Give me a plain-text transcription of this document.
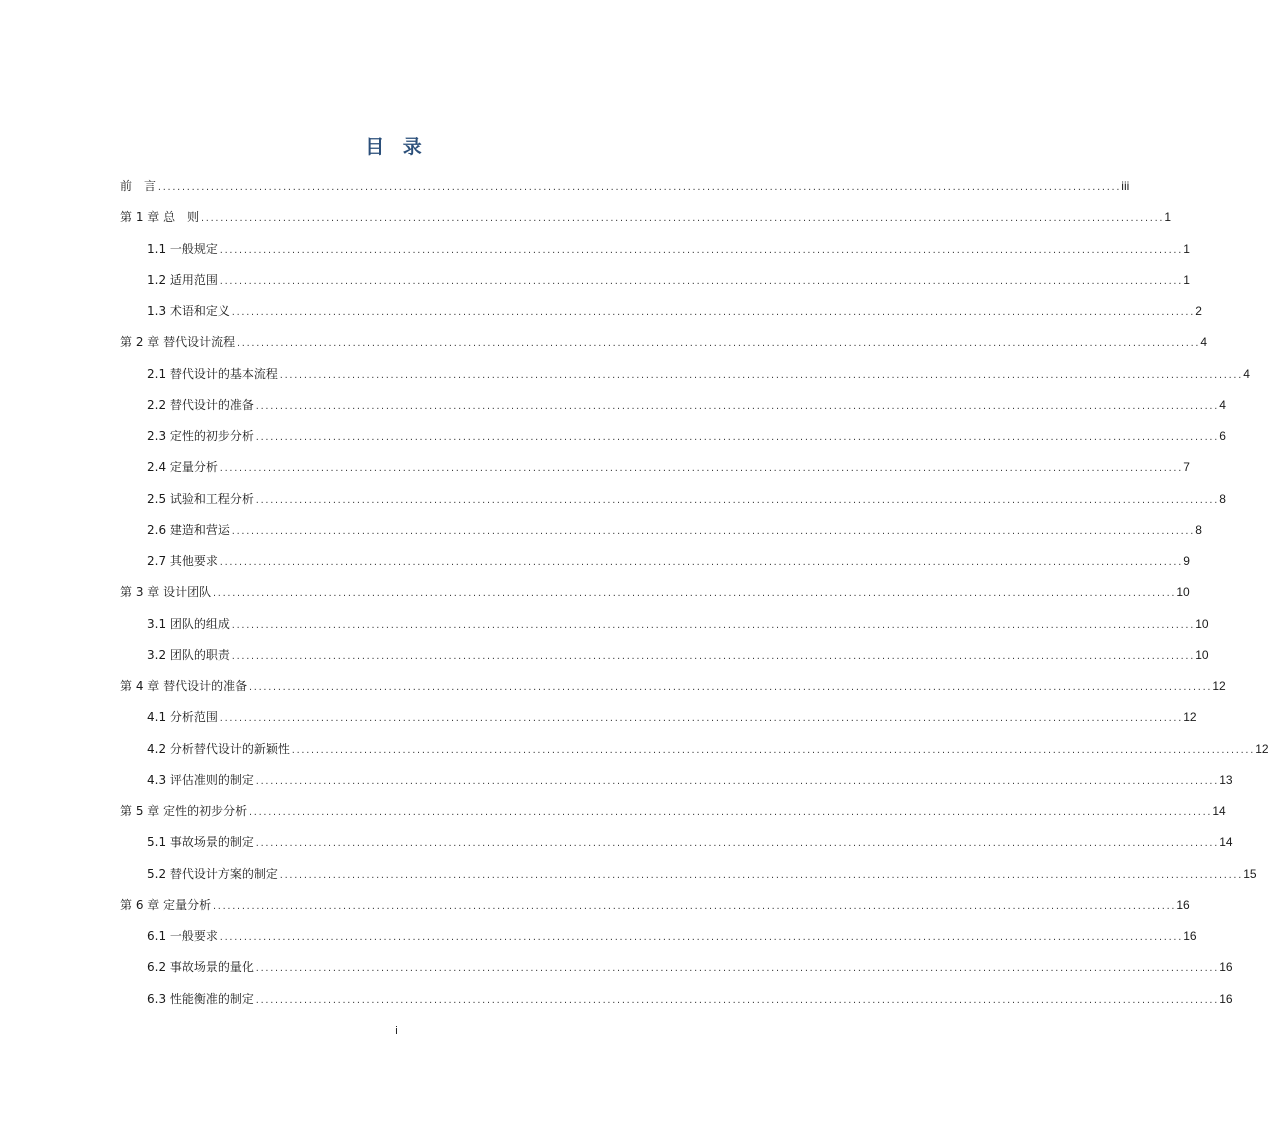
目 录
前　言 ........................................................................................................................................................................................................ iii
第 1 章 总　则 ........................................................................................................................................................................................................ 1
1.1 一般规定 ........................................................................................................................................................................................................ 1
1.2 适用范围 ........................................................................................................................................................................................................ 1
1.3 术语和定义 ........................................................................................................................................................................................................ 2
第 2 章 替代设计流程 ........................................................................................................................................................................................................ 4
2.1 替代设计的基本流程 ........................................................................................................................................................................................................ 4
2.2 替代设计的准备 ........................................................................................................................................................................................................ 4
2.3 定性的初步分析 ........................................................................................................................................................................................................ 6
2.4 定量分析 ........................................................................................................................................................................................................ 7
2.5 试验和工程分析 ........................................................................................................................................................................................................ 8
2.6 建造和营运 ........................................................................................................................................................................................................ 8
2.7 其他要求 ........................................................................................................................................................................................................ 9
第 3 章 设计团队 ........................................................................................................................................................................................................ 10
3.1 团队的组成 ........................................................................................................................................................................................................ 10
3.2 团队的职责 ........................................................................................................................................................................................................ 10
第 4 章 替代设计的准备 ........................................................................................................................................................................................................ 12
4.1 分析范围 ........................................................................................................................................................................................................ 12
4.2 分析替代设计的新颖性 ........................................................................................................................................................................................................ 12
4.3 评估准则的制定 ........................................................................................................................................................................................................ 13
第 5 章 定性的初步分析 ........................................................................................................................................................................................................ 14
5.1 事故场景的制定 ........................................................................................................................................................................................................ 14
5.2 替代设计方案的制定 ........................................................................................................................................................................................................ 15
第 6 章 定量分析 ........................................................................................................................................................................................................ 16
6.1 一般要求 ........................................................................................................................................................................................................ 16
6.2 事故场景的量化 ........................................................................................................................................................................................................ 16
6.3 性能衡准的制定 ........................................................................................................................................................................................................ 16
i
